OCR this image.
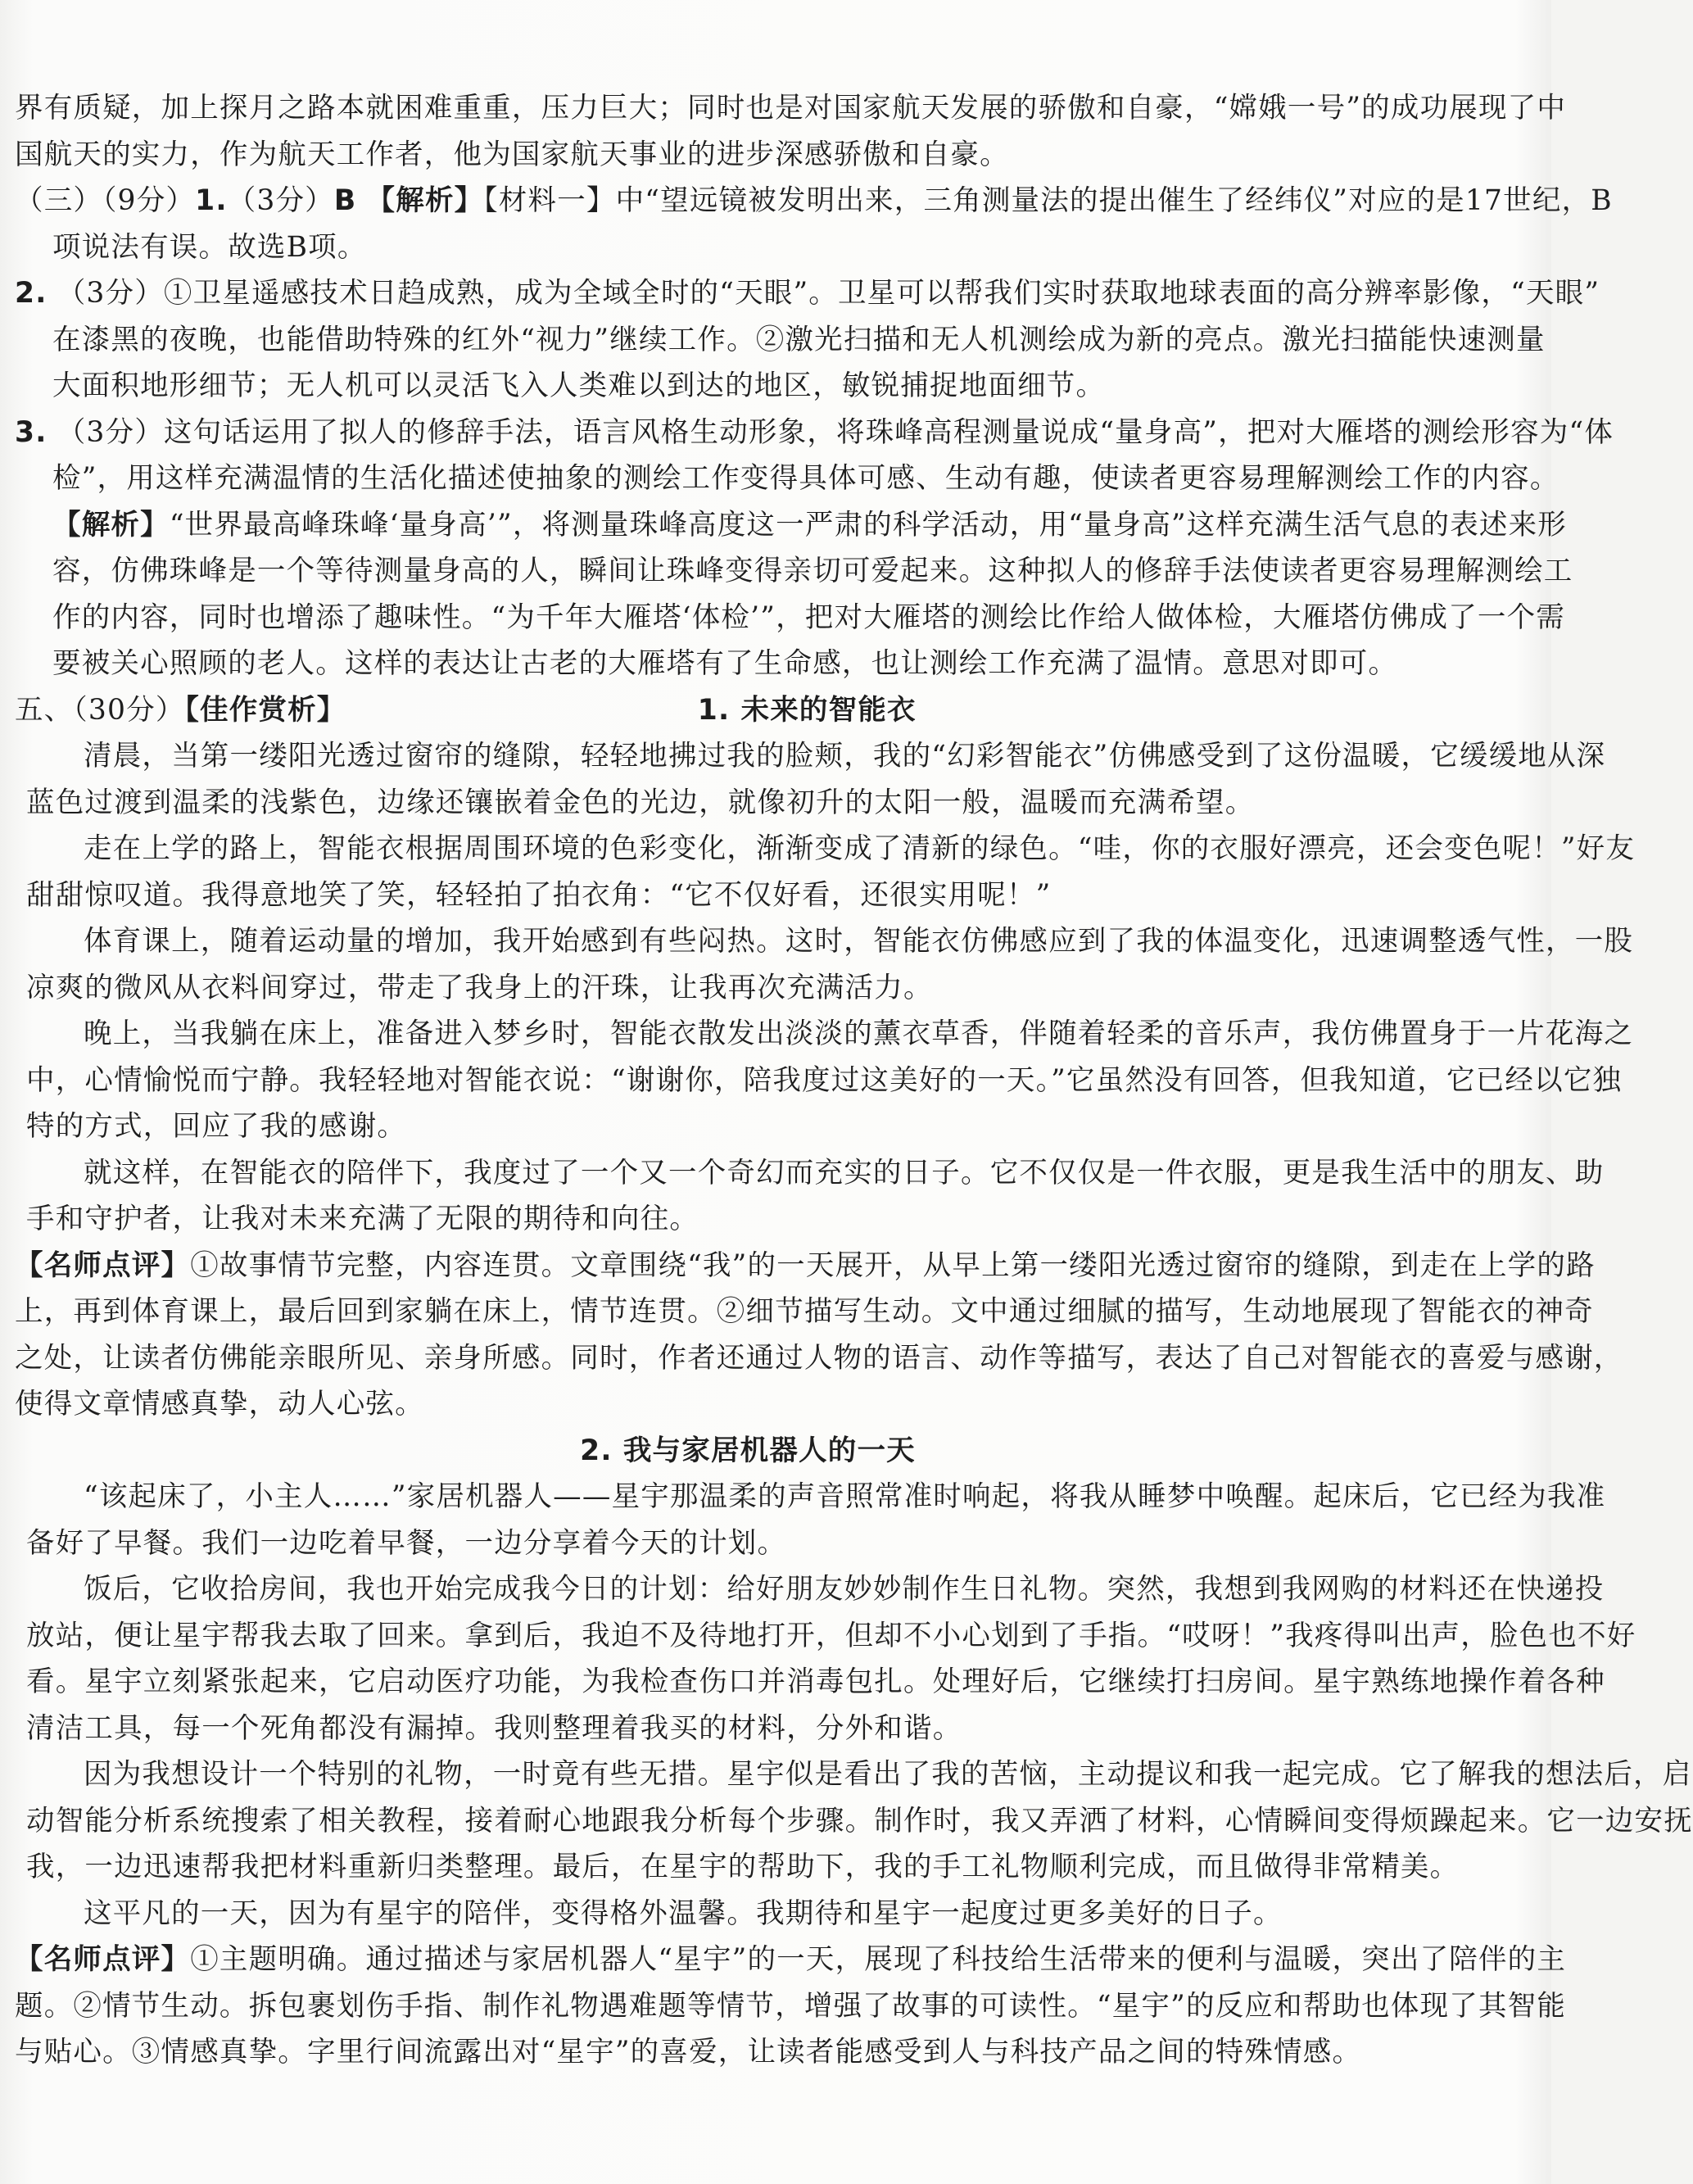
界有质疑，加上探月之路本就困难重重，压力巨大；同时也是对国家航天发展的骄傲和自豪，“嫦娥一号”的成功展现了中
国航天的实力，作为航天工作者，他为国家航天事业的进步深感骄傲和自豪。
（三）（9分）1.（3分）B 【解析】【材料一】中“望远镜被发明出来，三角测量法的提出催生了经纬仪”对应的是17世纪，B
项说法有误。故选B项。
2. （3分）①卫星遥感技术日趋成熟，成为全域全时的“天眼”。卫星可以帮我们实时获取地球表面的高分辨率影像，“天眼”
在漆黑的夜晚，也能借助特殊的红外“视力”继续工作。②激光扫描和无人机测绘成为新的亮点。激光扫描能快速测量
大面积地形细节；无人机可以灵活飞入人类难以到达的地区，敏锐捕捉地面细节。
3. （3分）这句话运用了拟人的修辞手法，语言风格生动形象，将珠峰高程测量说成“量身高”，把对大雁塔的测绘形容为“体
检”，用这样充满温情的生活化描述使抽象的测绘工作变得具体可感、生动有趣，使读者更容易理解测绘工作的内容。
【解析】“世界最高峰珠峰‘量身高’”，将测量珠峰高度这一严肃的科学活动，用“量身高”这样充满生活气息的表述来形
容，仿佛珠峰是一个等待测量身高的人，瞬间让珠峰变得亲切可爱起来。这种拟人的修辞手法使读者更容易理解测绘工
作的内容，同时也增添了趣味性。“为千年大雁塔‘体检’”，把对大雁塔的测绘比作给人做体检，大雁塔仿佛成了一个需
要被关心照顾的老人。这样的表达让古老的大雁塔有了生命感，也让测绘工作充满了温情。意思对即可。
五、（30分）【佳作赏析】	1. 未来的智能衣
清晨，当第一缕阳光透过窗帘的缝隙，轻轻地拂过我的脸颊，我的“幻彩智能衣”仿佛感受到了这份温暖，它缓缓地从深
蓝色过渡到温柔的浅紫色，边缘还镶嵌着金色的光边，就像初升的太阳一般，温暖而充满希望。
走在上学的路上，智能衣根据周围环境的色彩变化，渐渐变成了清新的绿色。“哇，你的衣服好漂亮，还会变色呢！”好友
甜甜惊叹道。我得意地笑了笑，轻轻拍了拍衣角：“它不仅好看，还很实用呢！”
体育课上，随着运动量的增加，我开始感到有些闷热。这时，智能衣仿佛感应到了我的体温变化，迅速调整透气性，一股
凉爽的微风从衣料间穿过，带走了我身上的汗珠，让我再次充满活力。
晚上，当我躺在床上，准备进入梦乡时，智能衣散发出淡淡的薰衣草香，伴随着轻柔的音乐声，我仿佛置身于一片花海之
中，心情愉悦而宁静。我轻轻地对智能衣说：“谢谢你，陪我度过这美好的一天。”它虽然没有回答，但我知道，它已经以它独
特的方式，回应了我的感谢。
就这样，在智能衣的陪伴下，我度过了一个又一个奇幻而充实的日子。它不仅仅是一件衣服，更是我生活中的朋友、助
手和守护者，让我对未来充满了无限的期待和向往。
【名师点评】①故事情节完整，内容连贯。文章围绕“我”的一天展开，从早上第一缕阳光透过窗帘的缝隙，到走在上学的路
上，再到体育课上，最后回到家躺在床上，情节连贯。②细节描写生动。文中通过细腻的描写，生动地展现了智能衣的神奇
之处，让读者仿佛能亲眼所见、亲身所感。同时，作者还通过人物的语言、动作等描写，表达了自己对智能衣的喜爱与感谢，
使得文章情感真挚，动人心弦。
2. 我与家居机器人的一天
“该起床了，小主人……”家居机器人——星宇那温柔的声音照常准时响起，将我从睡梦中唤醒。起床后，它已经为我准
备好了早餐。我们一边吃着早餐，一边分享着今天的计划。
饭后，它收拾房间，我也开始完成我今日的计划：给好朋友妙妙制作生日礼物。突然，我想到我网购的材料还在快递投
放站，便让星宇帮我去取了回来。拿到后，我迫不及待地打开，但却不小心划到了手指。“哎呀！”我疼得叫出声，脸色也不好
看。星宇立刻紧张起来，它启动医疗功能，为我检查伤口并消毒包扎。处理好后，它继续打扫房间。星宇熟练地操作着各种
清洁工具，每一个死角都没有漏掉。我则整理着我买的材料，分外和谐。
因为我想设计一个特别的礼物，一时竟有些无措。星宇似是看出了我的苦恼，主动提议和我一起完成。它了解我的想法后，启
动智能分析系统搜索了相关教程，接着耐心地跟我分析每个步骤。制作时，我又弄洒了材料，心情瞬间变得烦躁起来。它一边安抚
我，一边迅速帮我把材料重新归类整理。最后，在星宇的帮助下，我的手工礼物顺利完成，而且做得非常精美。
这平凡的一天，因为有星宇的陪伴，变得格外温馨。我期待和星宇一起度过更多美好的日子。
【名师点评】①主题明确。通过描述与家居机器人“星宇”的一天，展现了科技给生活带来的便利与温暖，突出了陪伴的主
题。②情节生动。拆包裹划伤手指、制作礼物遇难题等情节，增强了故事的可读性。“星宇”的反应和帮助也体现了其智能
与贴心。③情感真挚。字里行间流露出对“星宇”的喜爱，让读者能感受到人与科技产品之间的特殊情感。
